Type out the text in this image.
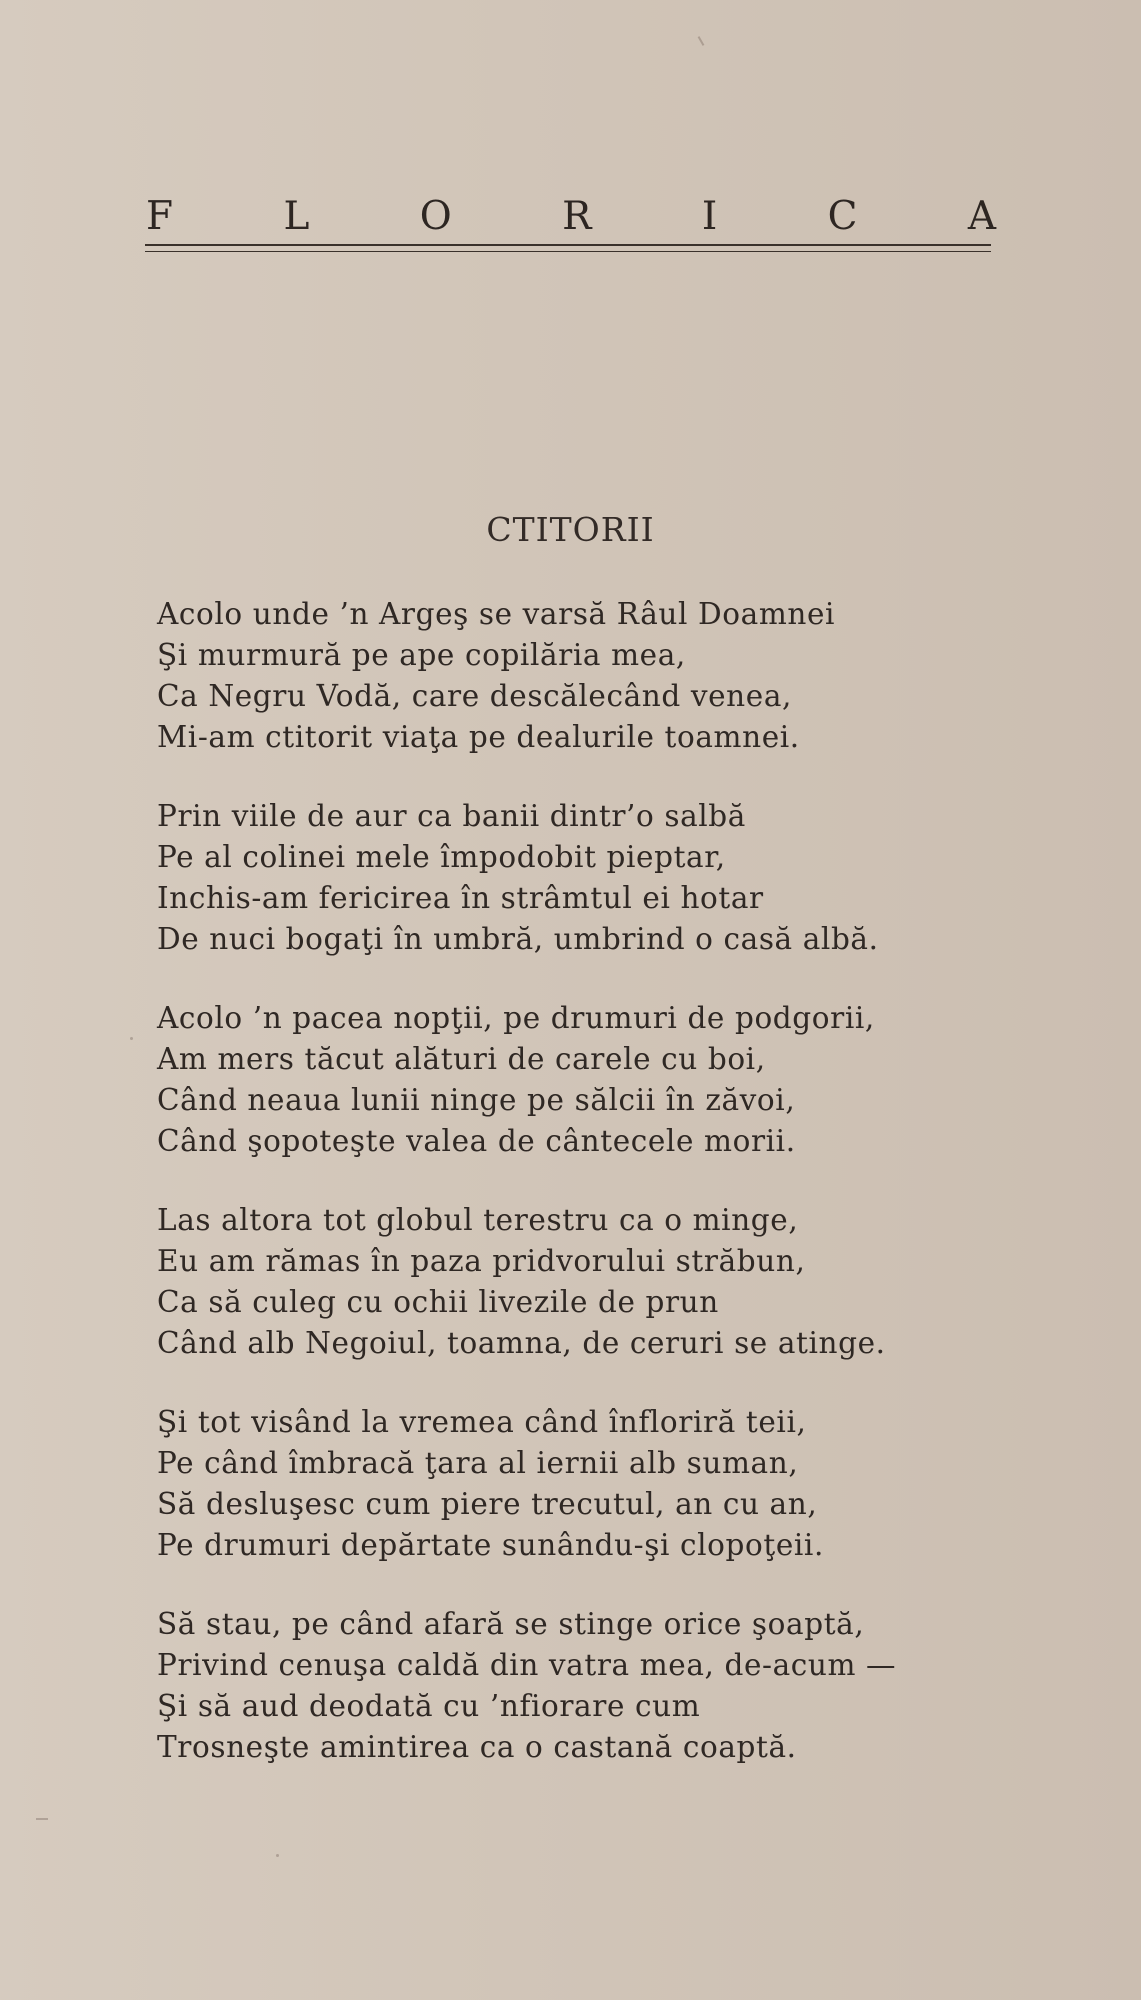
F	L	O	R	I	C	A
CTITORII
Acolo unde ’n Argeş se varsă Râul Doamnei
Şi murmură pe ape copilăria mea,
Ca Negru Vodă, care descălecând venea,
Mi-am ctitorit viaţa pe dealurile toamnei.
Prin viile de aur ca banii dintr’o salbă
Pe al colinei mele împodobit pieptar,
Inchis-am fericirea în strâmtul ei hotar
De nuci bogaţi în umbră, umbrind o casă albă.
Acolo ’n pacea nopţii, pe drumuri de podgorii,
Am mers tăcut alături de carele cu boi,
Când neaua lunii ninge pe sălcii în zăvoi,
Când şopoteşte valea de cântecele morii.
Las altora tot globul terestru ca o minge,
Eu am rămas în paza pridvorului străbun,
Ca să culeg cu ochii livezile de prun
Când alb Negoiul, toamna, de ceruri se atinge.
Şi tot visând la vremea când înfloriră teii,
Pe când îmbracă ţara al iernii alb suman,
Să desluşesc cum piere trecutul, an cu an,
Pe drumuri depărtate sunându-şi clopoţeii.
Să stau, pe când afară se stinge orice şoaptă,
Privind cenuşa caldă din vatra mea, de-acum —
Şi să aud deodată cu ’nfiorare cum
Trosneşte amintirea ca o castană coaptă.
